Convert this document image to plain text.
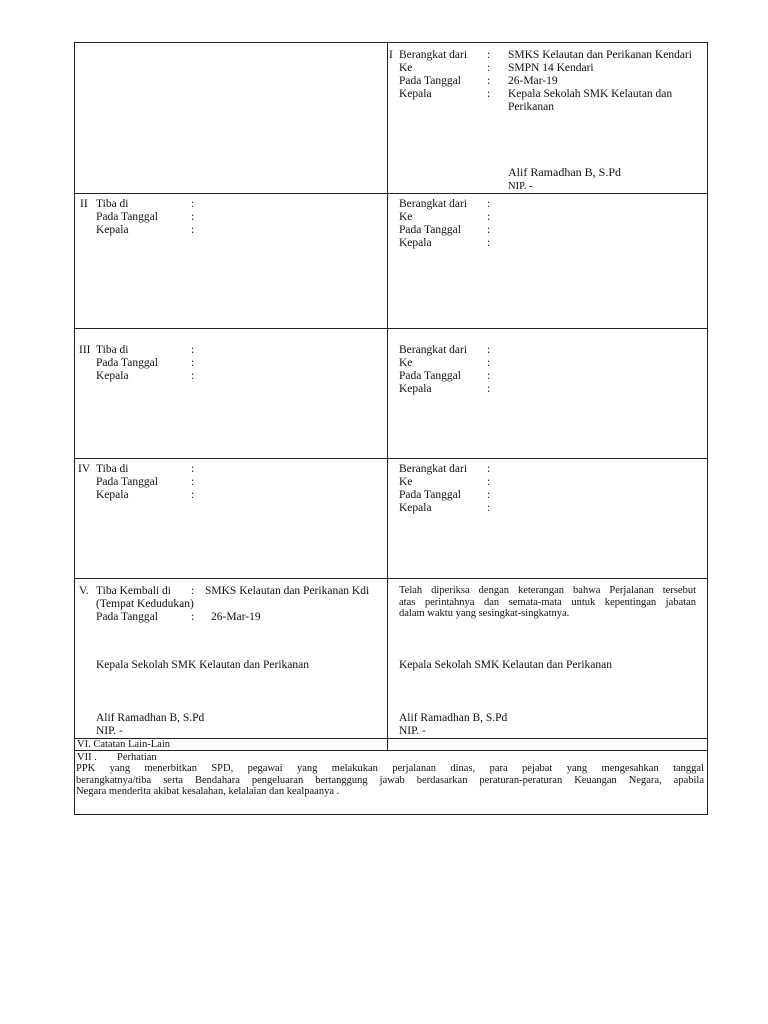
I Berangkat dari : SMKS Kelautan dan Perikanan Kendari
Ke	: SMPN 14 Kendari
Pada Tanggal : 26-Mar-19
Kepala	: Kepala Sekolah SMK Kelautan dan
Perikanan
Alif Ramadhan B, S.Pd
NIP. -
II Tiba di	:
Pada Tanggal	:
Kepala	:
Berangkat dari :
Ke	:
Pada Tanggal :
Kepala	:
III Tiba di	:
Pada Tanggal	:
Kepala	:
Berangkat dari :
Ke	:
Pada Tanggal :
Kepala	:
IV Tiba di	:
Pada Tanggal	:
Kepala	:
Berangkat dari :
Ke	:
Pada Tanggal :
Kepala	:
V. Tiba Kembali di : SMKS Kelautan dan Perikanan Kdi
(Tempat Kedudukan)
Pada Tanggal	: 26-Mar-19
Kepala Sekolah SMK Kelautan dan Perikanan
Alif Ramadhan B, S.Pd
NIP. -
Telah diperiksa dengan keterangan bahwa Perjalanan tersebut
atas perintahnya dan semata-mata untuk kepentingan jabatan
dalam waktu yang sesingkat-singkatnya.
Kepala Sekolah SMK Kelautan dan Perikanan
Alif Ramadhan B, S.Pd
NIP. -
VI. Catatan Lain-Lain
VII . Perhatian
PPK yang menerbitkan SPD, pegawai yang melakukan perjalanan dinas, para pejabat yang mengesahkan tanggal
berangkatnya/tiba serta Bendahara pengeluaran bertanggung jawab berdasarkan peraturan-peraturan Keuangan Negara, apabila
Negara menderita akibat kesalahan, kelalaian dan kealpaanya .
